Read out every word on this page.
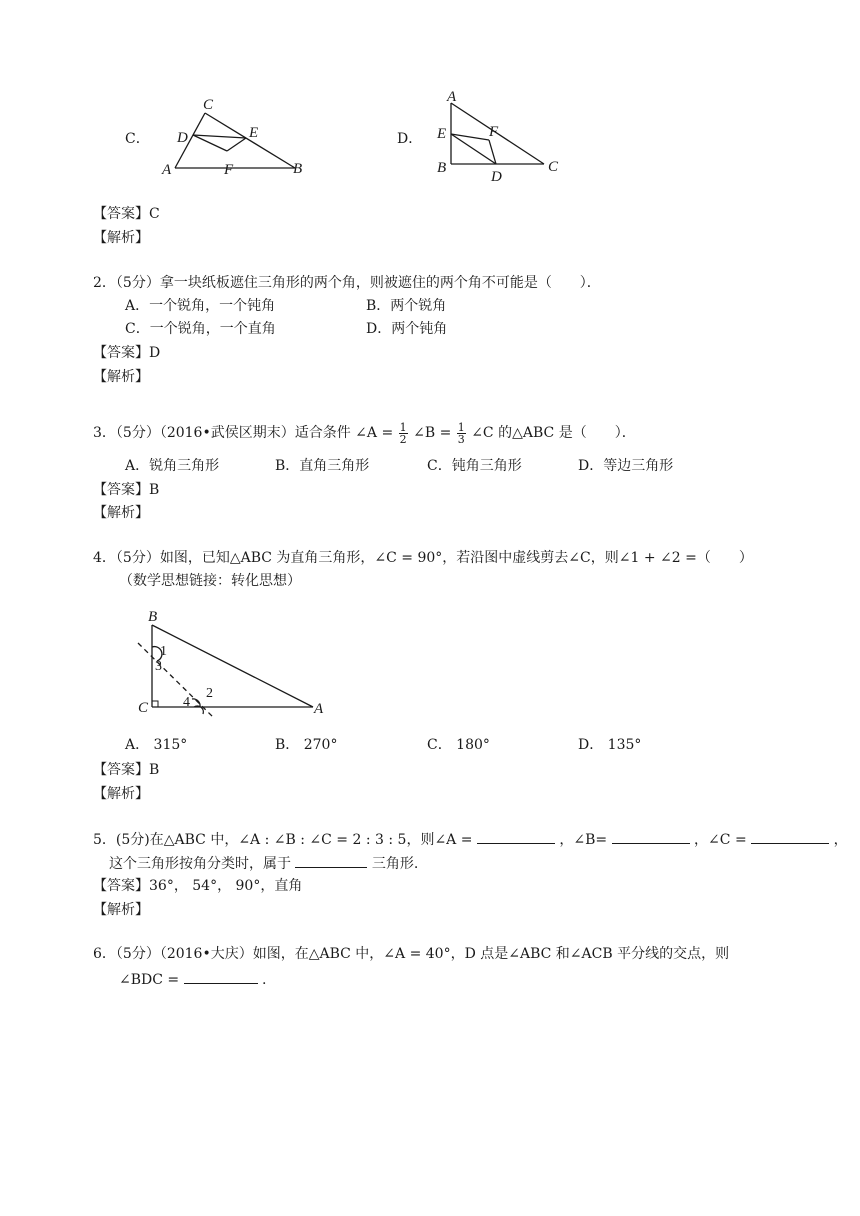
C．
C
D	E
A	F	B
D．
A
E	F
B
D
C
【答案】C
【解析】
2．（5分）拿一块纸板遮住三角形的两个角，则被遮住的两个角不可能是（　　）．
A．一个锐角，一个钝角	B．两个锐角
C．一个锐角，一个直角	D．两个钝角
【答案】D
【解析】
3．（5分）（2016•武侯区期末）适合条件 ∠A = $\frac{1}{2}$ ∠B = $\frac{1}{3}$ ∠C 的△ABC 是（　　）．
A．锐角三角形	B．直角三角形	C．钝角三角形	D．等边三角形
【答案】B
【解析】
4．（5分）如图，已知△ABC 为直角三角形，∠C = 90°，若沿图中虚线剪去∠C，则∠1 + ∠2 =（　　）
（数学思想链接：转化思想）
B
C	A
1
3
2
4
A． 315°	B． 270°	C． 180°	D． 135°
【答案】B
【解析】
5．(5分)在△ABC 中，∠A : ∠B : ∠C = 2 : 3 : 5，则∠A =	，∠B=	，∠C =	，
这个三角形按角分类时，属于	三角形.
【答案】36°， 54°， 90°，直角
【解析】
6．（5分）（2016•大庆）如图，在△ABC 中，∠A = 40°，D 点是∠ABC 和∠ACB 平分线的交点，则
∠BDC =	.
